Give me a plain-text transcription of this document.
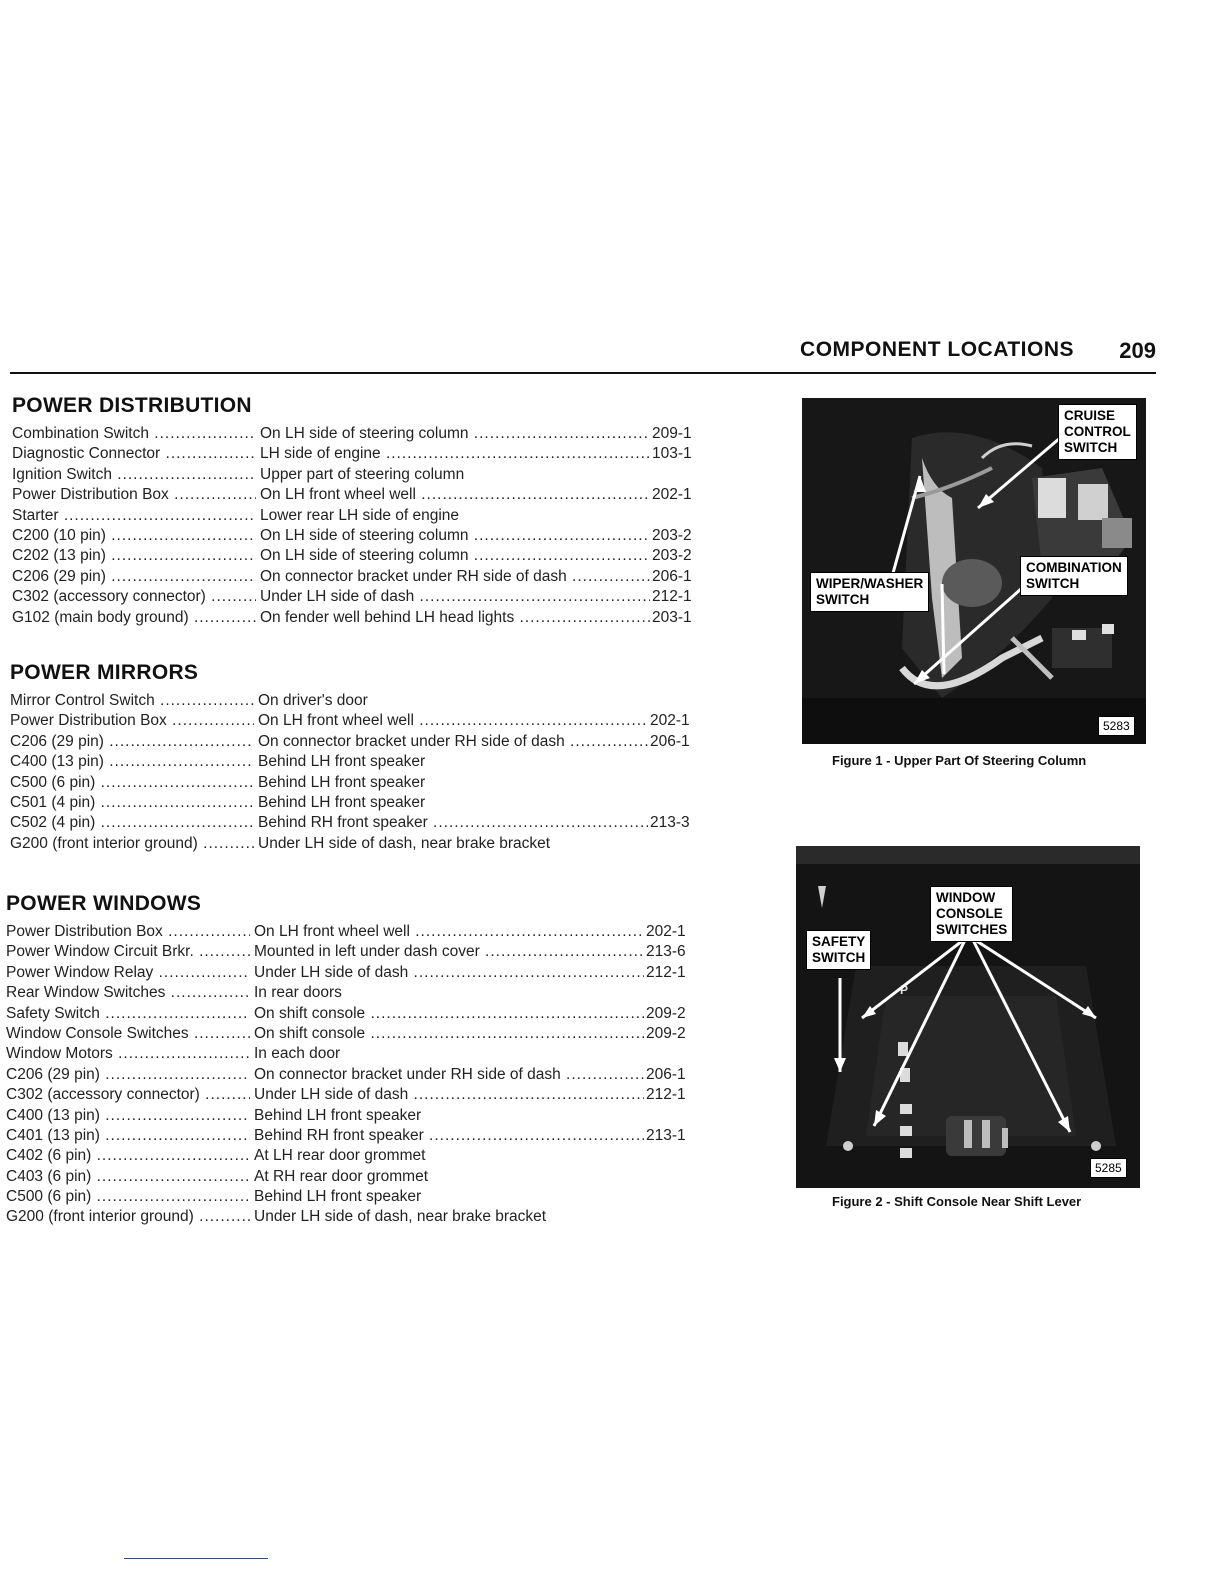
COMPONENT LOCATIONS 209
POWER DISTRIBUTION
Combination Switch .....	On LH side of steering column .....	209-1
Diagnostic Connector .....	LH side of engine .....	103-1
Ignition Switch .....	Upper part of steering column
Power Distribution Box .....	On LH front wheel well .....	202-1
Starter .....	Lower rear LH side of engine
C200 (10 pin) .....	On LH side of steering column .....	203-2
C202 (13 pin) .....	On LH side of steering column .....	203-2
C206 (29 pin) .....	On connector bracket under RH side of dash .....	206-1
C302 (accessory connector) .....	Under LH side of dash .....	212-1
G102 (main body ground) .....	On fender well behind LH head lights .....	203-1
POWER MIRRORS
Mirror Control Switch .....	On driver's door
Power Distribution Box .....	On LH front wheel well .....	202-1
C206 (29 pin) .....	On connector bracket under RH side of dash .....	206-1
C400 (13 pin) .....	Behind LH front speaker
C500 (6 pin) .....	Behind LH front speaker
C501 (4 pin) .....	Behind LH front speaker
C502 (4 pin) .....	Behind RH front speaker .....	213-3
G200 (front interior ground) .....	Under LH side of dash, near brake bracket
POWER WINDOWS
Power Distribution Box .....	On LH front wheel well .....	202-1
Power Window Circuit Brkr. .....	Mounted in left under dash cover .....	213-6
Power Window Relay .....	Under LH side of dash .....	212-1
Rear Window Switches .....	In rear doors
Safety Switch .....	On shift console .....	209-2
Window Console Switches .....	On shift console .....	209-2
Window Motors .....	In each door
C206 (29 pin) .....	On connector bracket under RH side of dash .....	206-1
C302 (accessory connector) .....	Under LH side of dash .....	212-1
C400 (13 pin) .....	Behind LH front speaker
C401 (13 pin) .....	Behind RH front speaker .....	213-1
C402 (6 pin) .....	At LH rear door grommet
C403 (6 pin) .....	At RH rear door grommet
C500 (6 pin) .....	Behind LH front speaker
G200 (front interior ground) .....	Under LH side of dash, near brake bracket
CRUISE
CONTROL
SWITCH
COMBINATION
SWITCH
WIPER/WASHER
SWITCH
5283
Figure 1 - Upper Part Of Steering Column
P
WINDOW
CONSOLE
SWITCHES
SAFETY
SWITCH
5285
Figure 2 - Shift Console Near Shift Lever
